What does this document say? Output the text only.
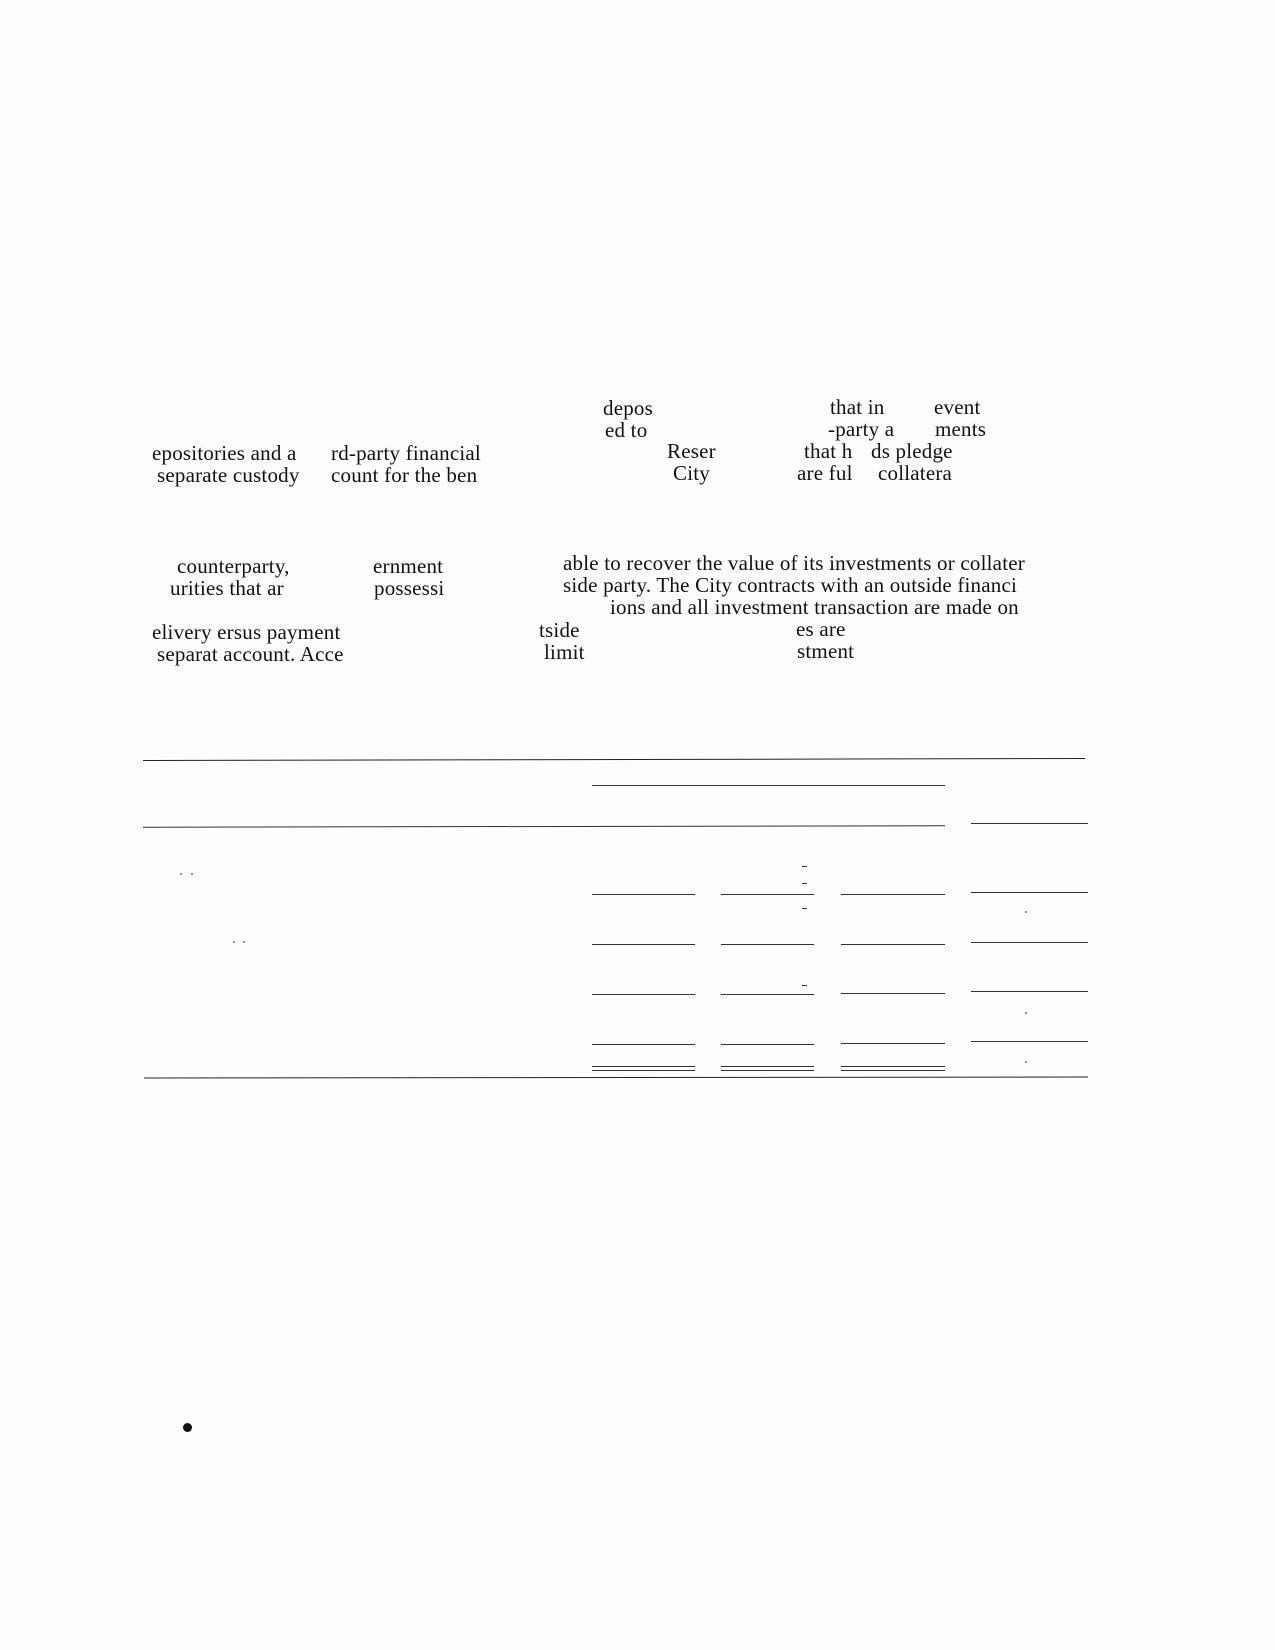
depos
ed to
that in event
-party a ments
epositories and a
separate custody
rd-party financial
count for the ben
Reser
City
that h ds pledge
are ful collatera
able to recover the value of its investments or collater
counterparty,	ernment
side party. The City contracts with an outside financi
urities that ar	possessi
ions and all investment transaction are made on
elivery ersus payment
separat account. Acce
tside
limit
es are
stment
